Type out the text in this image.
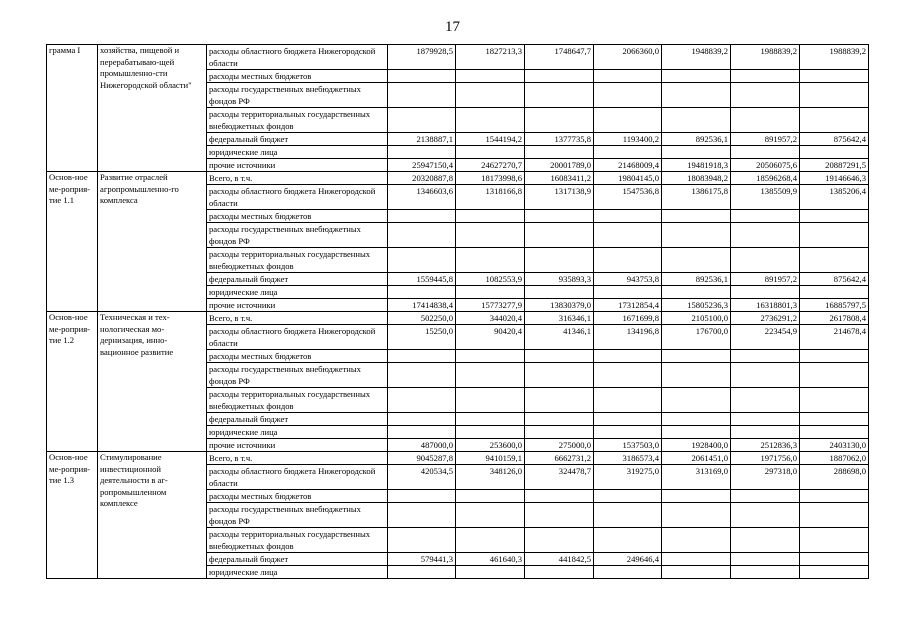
17
грамма I	хозяйства, пищевой и перерабатываю-щей промышленно-сти Нижегородской области"	расходы областного бюджета Нижегородской области	1879928,5	1827213,3	1748647,7	2066360,0	1948839,2	1988839,2	1988839,2
		расходы местных бюджетов							
		расходы государственных внебюджетных фондов РФ							
		расходы территориальных государственных внебюджетных фондов							
		федеральный бюджет	2138887,1	1544194,2	1377735,8	1193400,2	892536,1	891957,2	875642,4
		юридические лица							
		прочие источники	25947150,4	24627270,7	20001789,0	21468009,4	19481918,3	20506075,6	20887291,5
Основ-ное ме-роприя-тие 1.1	Развитие отраслей агропромышленно-го комплекса	Всего, в т.ч.	20320887,8	18173998,6	16083411,2	19804145,0	18083948,2	18596268,4	19146646,3
		расходы областного бюджета Нижегородской области	1346603,6	1318166,8	1317138,9	1547536,8	1386175,8	1385509,9	1385206,4
		расходы местных бюджетов							
		расходы государственных внебюджетных фондов РФ							
		расходы территориальных государственных внебюджетных фондов							
		федеральный бюджет	1559445,8	1082553,9	935893,3	943753,8	892536,1	891957,2	875642,4
		юридические лица							
		прочие источники	17414838,4	15773277,9	13830379,0	17312854,4	15805236,3	16318801,3	16885797,5
Основ-ное ме-роприя-тие 1.2	Техническая и тех-нологическая мо-дернизация, инно-вационное развитие	Всего, в т.ч.	502250,0	344020,4	316346,1	1671699,8	2105100,0	2736291,2	2617808,4
		расходы областного бюджета Нижегородской области	15250,0	90420,4	41346,1	134196,8	176700,0	223454,9	214678,4
		расходы местных бюджетов							
		расходы государственных внебюджетных фондов РФ							
		расходы территориальных государственных внебюджетных фондов							
		федеральный бюджет							
		юридические лица							
		прочие источники	487000,0	253600,0	275000,0	1537503,0	1928400,0	2512836,3	2403130,0
Основ-ное ме-роприя-тие 1.3	Стимулирование инвестиционной деятельности в аг-ропромышленном комплексе	Всего, в т.ч.	9045287,8	9410159,1	6662731,2	3186573,4	2061451,0	1971756,0	1887062,0
		расходы областного бюджета Нижегородской области	420534,5	348126,0	324478,7	319275,0	313169,0	297318,0	288698,0
		расходы местных бюджетов							
		расходы государственных внебюджетных фондов РФ							
		расходы территориальных государственных внебюджетных фондов							
		федеральный бюджет	579441,3	461640,3	441842,5	249646,4			
		юридические лица							
